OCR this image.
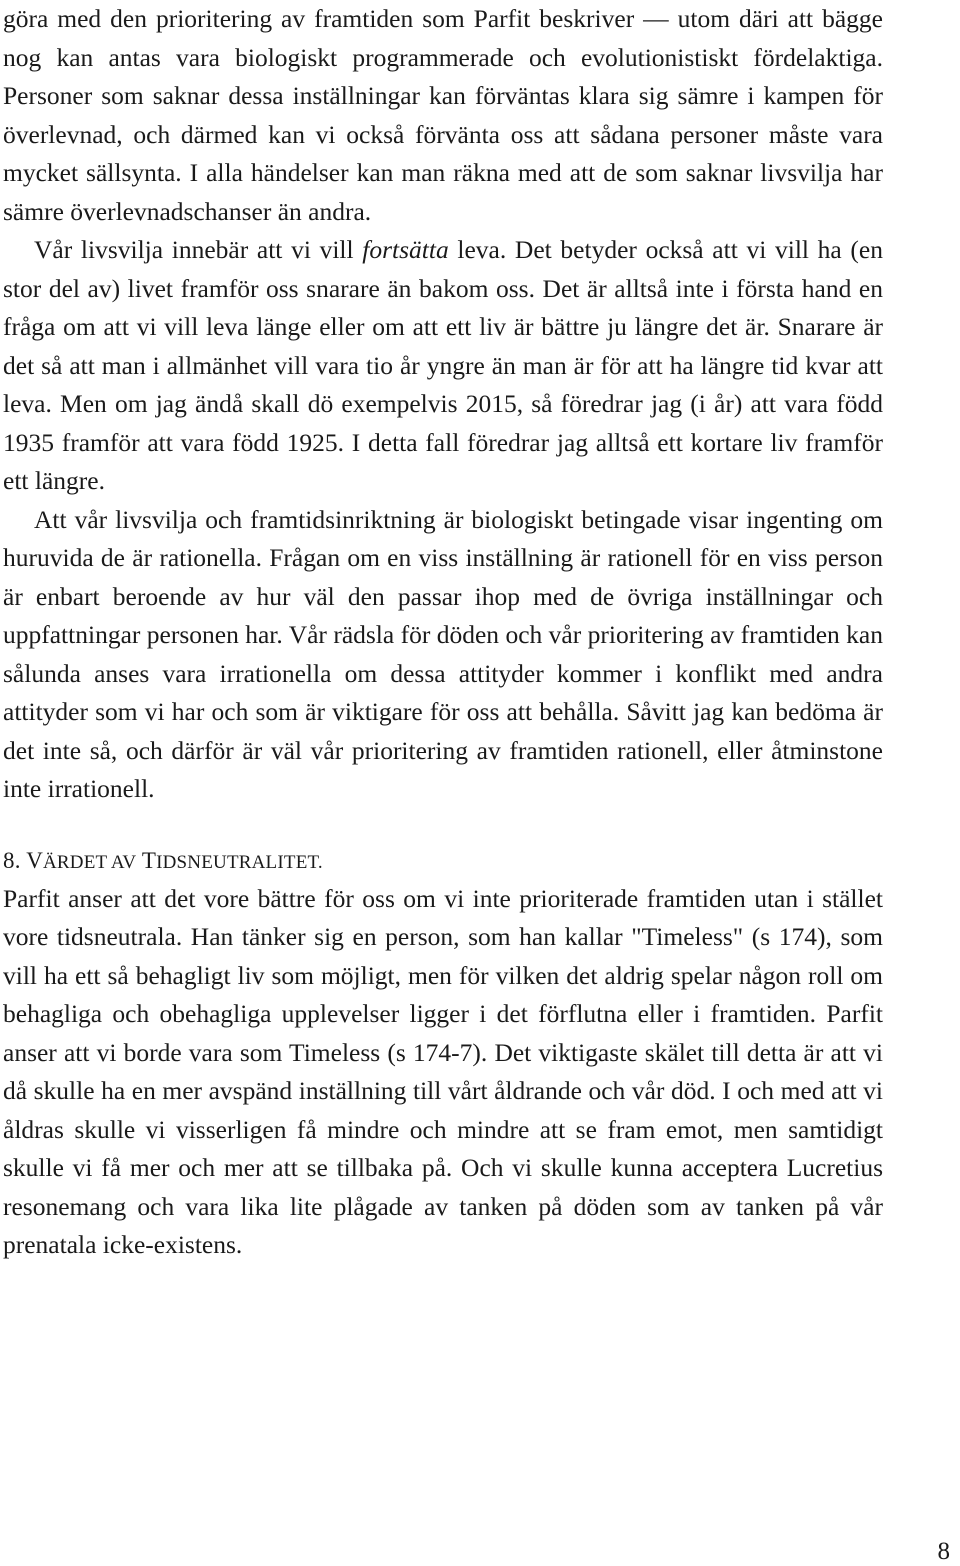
göra med den prioritering av framtiden som Parfit beskriver — utom däri att bägge nog kan antas vara biologiskt programmerade och evolutionistiskt fördelaktiga. Personer som saknar dessa inställningar kan förväntas klara sig sämre i kampen för överlevnad, och därmed kan vi också förvänta oss att sådana personer måste vara mycket sällsynta. I alla händelser kan man räkna med att de som saknar livsvilja har sämre överlevnadschanser än andra.

Vår livsvilja innebär att vi vill fortsätta leva. Det betyder också att vi vill ha (en stor del av) livet framför oss snarare än bakom oss. Det är alltså inte i första hand en fråga om att vi vill leva länge eller om att ett liv är bättre ju längre det är. Snarare är det så att man i allmänhet vill vara tio år yngre än man är för att ha längre tid kvar att leva. Men om jag ändå skall dö exempelvis 2015, så föredrar jag (i år) att vara född 1935 framför att vara född 1925. I detta fall föredrar jag alltså ett kortare liv framför ett längre.

Att vår livsvilja och framtidsinriktning är biologiskt betingade visar ingenting om huruvida de är rationella. Frågan om en viss inställning är rationell för en viss person är enbart beroende av hur väl den passar ihop med de övriga inställningar och uppfattningar personen har. Vår rädsla för döden och vår prioritering av framtiden kan sålunda anses vara irrationella om dessa attityder kommer i konflikt med andra attityder som vi har och som är viktigare för oss att behålla. Såvitt jag kan bedöma är det inte så, och därför är väl vår prioritering av framtiden rationell, eller åtminstone inte irrationell.

8. VÄRDET AV TIDSNEUTRALITET.

Parfit anser att det vore bättre för oss om vi inte prioriterade framtiden utan i stället vore tidsneutrala. Han tänker sig en person, som han kallar "Timeless" (s 174), som vill ha ett så behagligt liv som möjligt, men för vilken det aldrig spelar någon roll om behagliga och obehagliga upplevelser ligger i det förflutna eller i framtiden. Parfit anser att vi borde vara som Timeless (s 174-7). Det viktigaste skälet till detta är att vi då skulle ha en mer avspänd inställning till vårt åldrande och vår död. I och med att vi åldras skulle vi visserligen få mindre och mindre att se fram emot, men samtidigt skulle vi få mer och mer att se tillbaka på. Och vi skulle kunna acceptera Lucretius resonemang och vara lika lite plågade av tanken på döden som av tanken på vår prenatala icke-existens.

8
